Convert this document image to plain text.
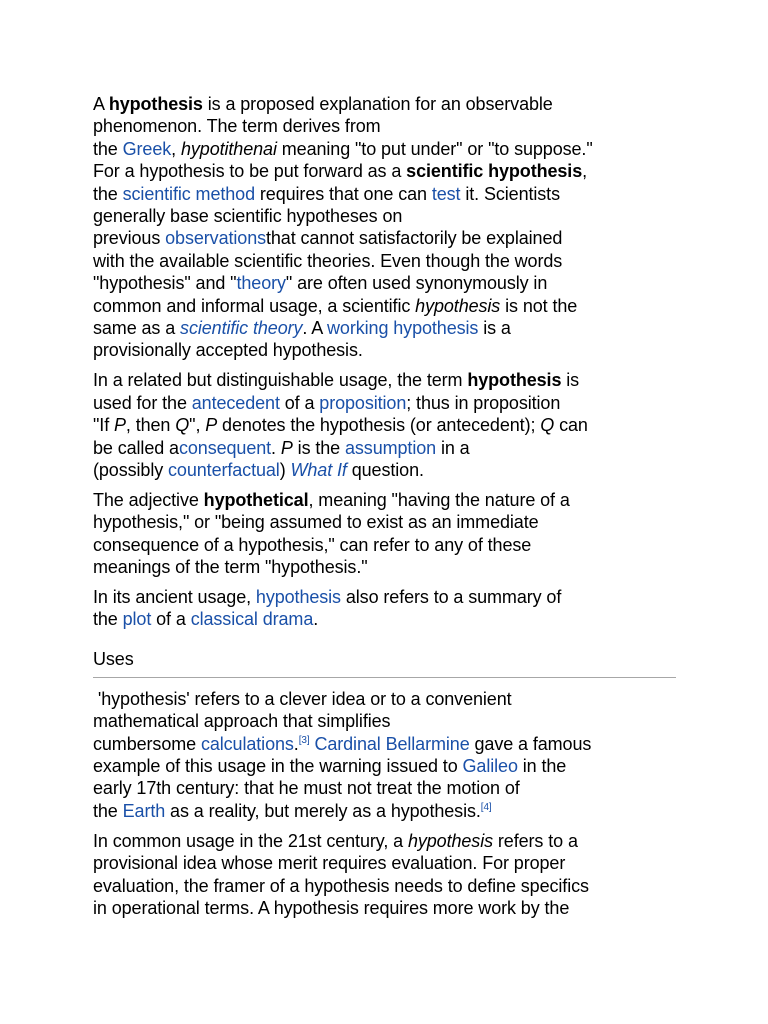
A hypothesis is a proposed explanation for an observable
phenomenon. The term derives from
the Greek, hypotithenai meaning "to put under" or "to suppose."
For a hypothesis to be put forward as a scientific hypothesis,
the scientific method requires that one can test it. Scientists
generally base scientific hypotheses on
previous observationsthat cannot satisfactorily be explained
with the available scientific theories. Even though the words
"hypothesis" and "theory" are often used synonymously in
common and informal usage, a scientific hypothesis is not the
same as a scientific theory. A working hypothesis is a
provisionally accepted hypothesis.

In a related but distinguishable usage, the term hypothesis is
used for the antecedent of a proposition; thus in proposition
"If P, then Q", P denotes the hypothesis (or antecedent); Q can
be called aconsequent. P is the assumption in a
(possibly counterfactual) What If question.

The adjective hypothetical, meaning "having the nature of a
hypothesis," or "being assumed to exist as an immediate
consequence of a hypothesis," can refer to any of these
meanings of the term "hypothesis."

In its ancient usage, hypothesis also refers to a summary of
the plot of a classical drama.

Uses

'hypothesis' refers to a clever idea or to a convenient
mathematical approach that simplifies
cumbersome calculations.[3] Cardinal Bellarmine gave a famous
example of this usage in the warning issued to Galileo in the
early 17th century: that he must not treat the motion of
the Earth as a reality, but merely as a hypothesis.[4]

In common usage in the 21st century, a hypothesis refers to a
provisional idea whose merit requires evaluation. For proper
evaluation, the framer of a hypothesis needs to define specifics
in operational terms. A hypothesis requires more work by the
